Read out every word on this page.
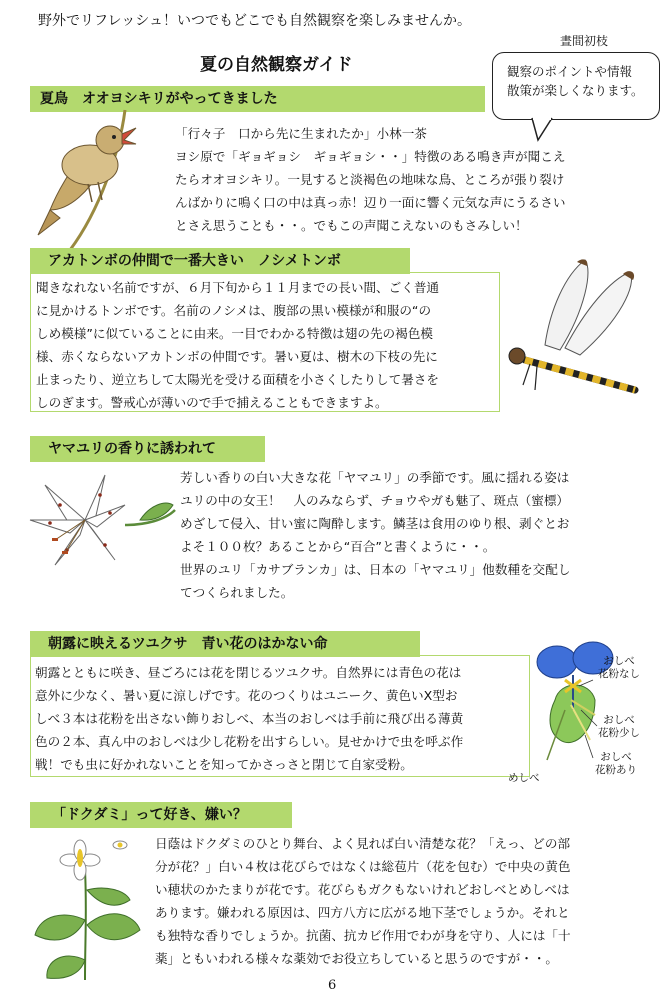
野外でリフレッシュ！いつでもどこでも自然観察を楽しみませんか。
晝間初枝
夏の自然観察ガイド	観察のポイントや情報
散策が楽しくなります。
夏鳥　オオヨシキリがやってきました
「行々子　口から先に生まれたか」小林一茶
ヨシ原で「ギョギョシ　ギョギョシ・・」特徴のある鳴き声が聞こえ
たらオオヨシキリ。一見すると淡褐色の地味な鳥、ところが張り裂け
んばかりに鳴く口の中は真っ赤！辺り一面に響く元気な声にうるさい
とさえ思うことも・・。でもこの声聞こえないのもさみしい！
アカトンボの仲間で一番大きい　ノシメトンボ
聞きなれない名前ですが、６月下旬から１１月までの長い間、ごく普通
に見かけるトンボです。名前のノシメは、腹部の黒い模様が和服の“の
しめ模様”に似ていることに由来。一目でわかる特徴は翅の先の褐色模
様、赤くならないアカトンボの仲間です。暑い夏は、樹木の下枝の先に
止まったり、逆立ちして太陽光を受ける面積を小さくしたりして暑さを
しのぎます。警戒心が薄いので手で捕えることもできますよ。
ヤマユリの香りに誘われて
芳しい香りの白い大きな花「ヤマユリ」の季節です。風に揺れる姿は
ユリの中の女王！　人のみならず、チョウやガも魅了、斑点（蜜標）
めざして侵入、甘い蜜に陶酔します。鱗茎は食用のゆり根、剥ぐとお
よそ１００枚？あることから“百合”と書くように・・。
世界のユリ「カサブランカ」は、日本の「ヤマユリ」他数種を交配し
てつくられました。
朝露に映えるツユクサ　青い花のはかない命
朝露とともに咲き、昼ごろには花を閉じるツユクサ。自然界には青色の花は
意外に少なく、暑い夏に涼しげです。花のつくりはユニーク、黄色いX型お
しべ３本は花粉を出さない飾りおしべ、本当のおしべは手前に飛び出る薄黄
色の２本、真ん中のおしべは少し花粉を出すらしい。見せかけで虫を呼ぶ作
戦！でも虫に好かれないことを知ってかさっさと閉じて自家受粉。
おしべ
花粉なし
おしべ
花粉少し
おしべ
花粉あり
めしべ
「ドクダミ」って好き、嫌い？
日蔭はドクダミのひとり舞台、よく見れば白い清楚な花？「えっ、どの部
分が花？」白い４枚は花びらではなくは総苞片（花を包む）で中央の黄色
い穂状のかたまりが花です。花びらもガクもないけれどおしべとめしべは
あります。嫌われる原因は、四方八方に広がる地下茎でしょうか。それと
も独特な香りでしょうか。抗菌、抗カビ作用でわが身を守り、人には「十
薬」ともいわれる様々な薬効でお役立ちしていると思うのですが・・。
6
